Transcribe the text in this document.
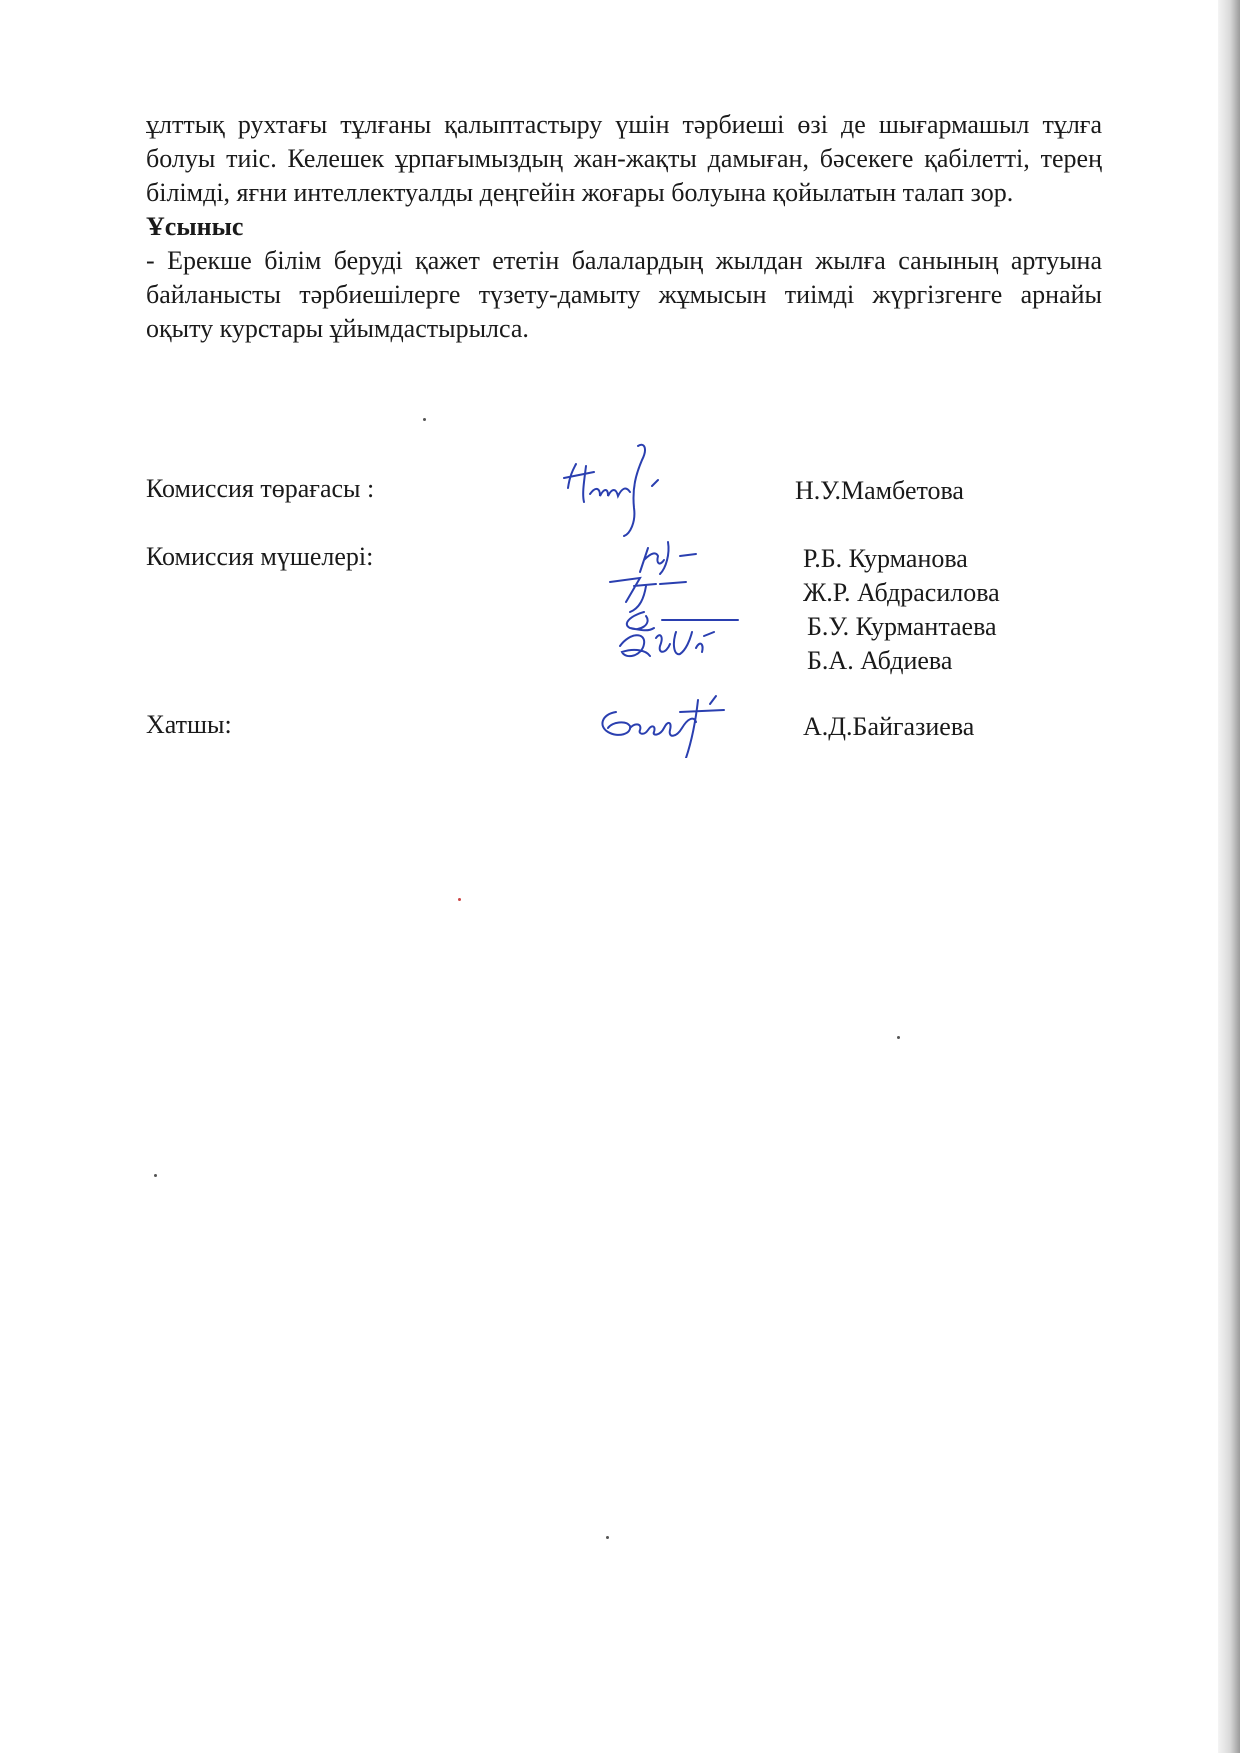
ұлттық рухтағы тұлғаны қалыптастыру үшін тәрбиеші өзі де шығармашыл тұлға болуы тиіс. Келешек ұрпағымыздың жан-жақты дамыған, бәсекеге қабілетті, терең білімді, яғни интеллектуалды деңгейін жоғары болуына қойылатын талап зор.

Ұсыныс

- Ерекше білім беруді қажет ететін балалардың жылдан жылға санының артуына байланысты тәрбиешілерге түзету-дамыту жұмысын тиімді жүргізгенге арнайы оқыту курстары ұйымдастырылса.

Комиссия төрағасы :	Н.У.Мамбетова
Комиссия мүшелері:	Р.Б. Курманова
Ж.Р. Абдрасилова
Б.У. Курмантаева
Б.А. Абдиева
Хатшы:	А.Д.Байгазиева
